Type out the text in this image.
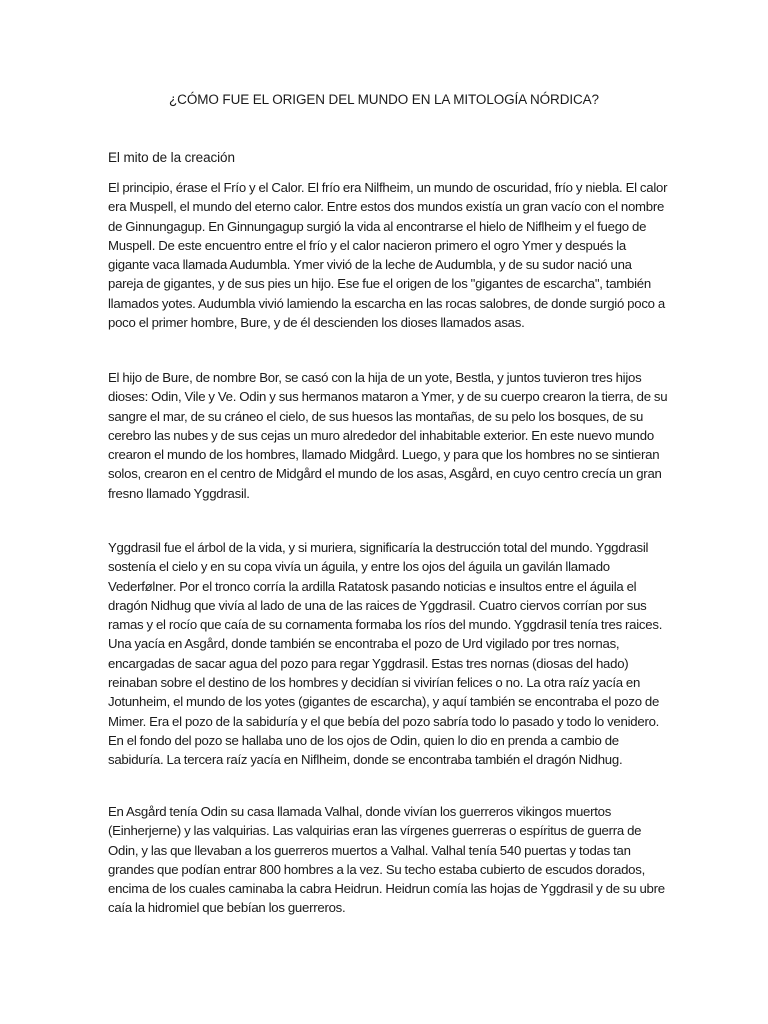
¿CÓMO FUE EL ORIGEN DEL MUNDO EN LA MITOLOGÍA NÓRDICA?
El mito de la creación

El principio, érase el Frío y el Calor. El frío era Nilfheim, un mundo de oscuridad, frío y niebla. El calor era Muspell, el mundo del eterno calor. Entre estos dos mundos existía un gran vacío con el nombre de Ginnungagup. En Ginnungagup surgió la vida al encontrarse el hielo de Niflheim y el fuego de Muspell. De este encuentro entre el frío y el calor nacieron primero el ogro Ymer y después la gigante vaca llamada Audumbla. Ymer vivió de la leche de Audumbla, y de su sudor nació una pareja de gigantes, y de sus pies un hijo. Ese fue el origen de los "gigantes de escarcha", también llamados yotes. Audumbla vivió lamiendo la escarcha en las rocas salobres, de donde surgió poco a poco el primer hombre, Bure, y de él descienden los dioses llamados asas.

El hijo de Bure, de nombre Bor, se casó con la hija de un yote, Bestla, y juntos tuvieron tres hijos dioses: Odin, Vile y Ve. Odin y sus hermanos mataron a Ymer, y de su cuerpo crearon la tierra, de su sangre el mar, de su cráneo el cielo, de sus huesos las montañas, de su pelo los bosques, de su cerebro las nubes y de sus cejas un muro alrededor del inhabitable exterior. En este nuevo mundo crearon el mundo de los hombres, llamado Midgård. Luego, y para que los hombres no se sintieran solos, crearon en el centro de Midgård el mundo de los asas, Asgård, en cuyo centro crecía un gran fresno llamado Yggdrasil.

Yggdrasil fue el árbol de la vida, y si muriera, significaría la destrucción total del mundo. Yggdrasil sostenía el cielo y en su copa vivía un águila, y entre los ojos del águila un gavilán llamado Vederfølner. Por el tronco corría la ardilla Ratatosk pasando noticias e insultos entre el águila el dragón Nidhug que vivía al lado de una de las raices de Yggdrasil. Cuatro ciervos corrían por sus ramas y el rocío que caía de su cornamenta formaba los ríos del mundo. Yggdrasil tenía tres raices. Una yacía en Asgård, donde también se encontraba el pozo de Urd vigilado por tres nornas, encargadas de sacar agua del pozo para regar Yggdrasil. Estas tres nornas (diosas del hado) reinaban sobre el destino de los hombres y decidían si vivirían felices o no. La otra raíz yacía en Jotunheim, el mundo de los yotes (gigantes de escarcha), y aquí también se encontraba el pozo de Mimer. Era el pozo de la sabiduría y el que bebía del pozo sabría todo lo pasado y todo lo venidero. En el fondo del pozo se hallaba uno de los ojos de Odin, quien lo dio en prenda a cambio de sabiduría. La tercera raíz yacía en Niflheim, donde se encontraba también el dragón Nidhug.

En Asgård tenía Odin su casa llamada Valhal, donde vivían los guerreros vikingos muertos (Einherjerne) y las valquirias. Las valquirias eran las vírgenes guerreras o espíritus de guerra de Odin, y las que llevaban a los guerreros muertos a Valhal. Valhal tenía 540 puertas y todas tan grandes que podían entrar 800 hombres a la vez. Su techo estaba cubierto de escudos dorados, encima de los cuales caminaba la cabra Heidrun. Heidrun comía las hojas de Yggdrasil y de su ubre caía la hidromiel que bebían los guerreros.
